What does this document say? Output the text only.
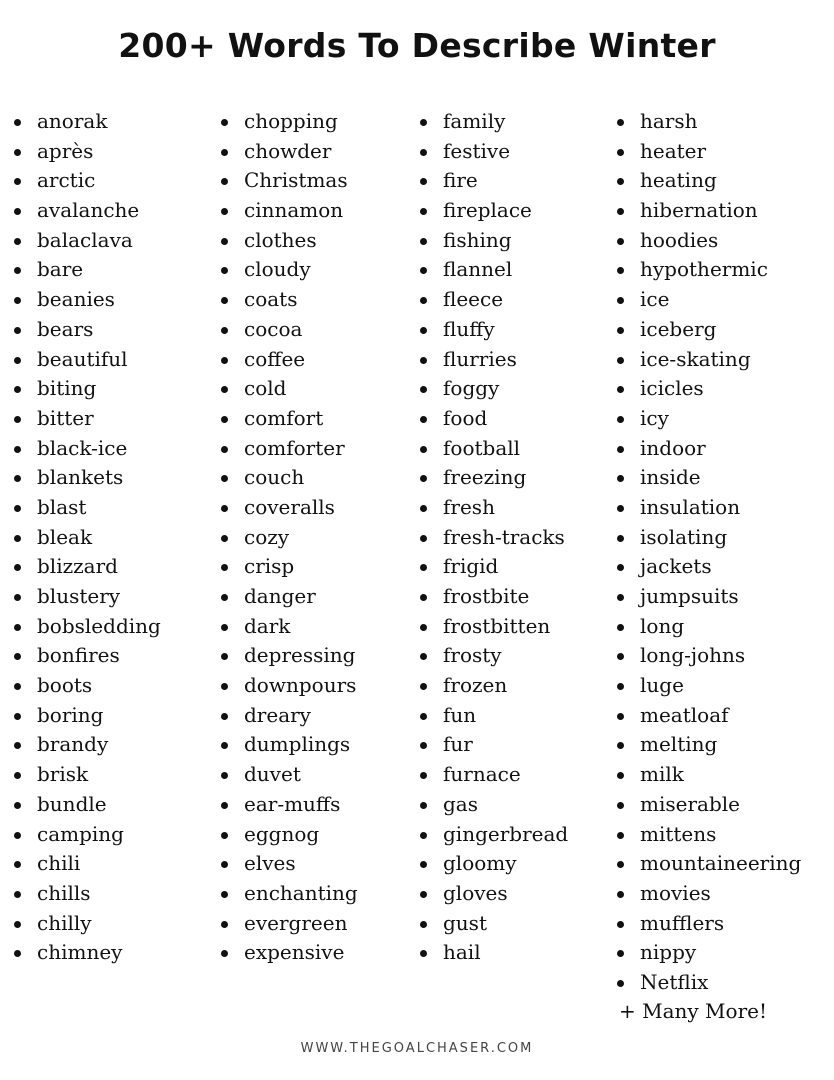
200+ Words To Describe Winter
anorak
après
arctic
avalanche
balaclava
bare
beanies
bears
beautiful
biting
bitter
black-ice
blankets
blast
bleak
blizzard
blustery
bobsledding
bonfires
boots
boring
brandy
brisk
bundle
camping
chili
chills
chilly
chimney
chopping
chowder
Christmas
cinnamon
clothes
cloudy
coats
cocoa
coffee
cold
comfort
comforter
couch
coveralls
cozy
crisp
danger
dark
depressing
downpours
dreary
dumplings
duvet
ear-muffs
eggnog
elves
enchanting
evergreen
expensive
family
festive
fire
fireplace
fishing
flannel
fleece
fluffy
flurries
foggy
food
football
freezing
fresh
fresh-tracks
frigid
frostbite
frostbitten
frosty
frozen
fun
fur
furnace
gas
gingerbread
gloomy
gloves
gust
hail
harsh
heater
heating
hibernation
hoodies
hypothermic
ice
iceberg
ice-skating
icicles
icy
indoor
inside
insulation
isolating
jackets
jumpsuits
long
long-johns
luge
meatloaf
melting
milk
miserable
mittens
mountaineering
movies
mufflers
nippy
Netflix
+ Many More!
WWW.THEGOALCHASER.COM
